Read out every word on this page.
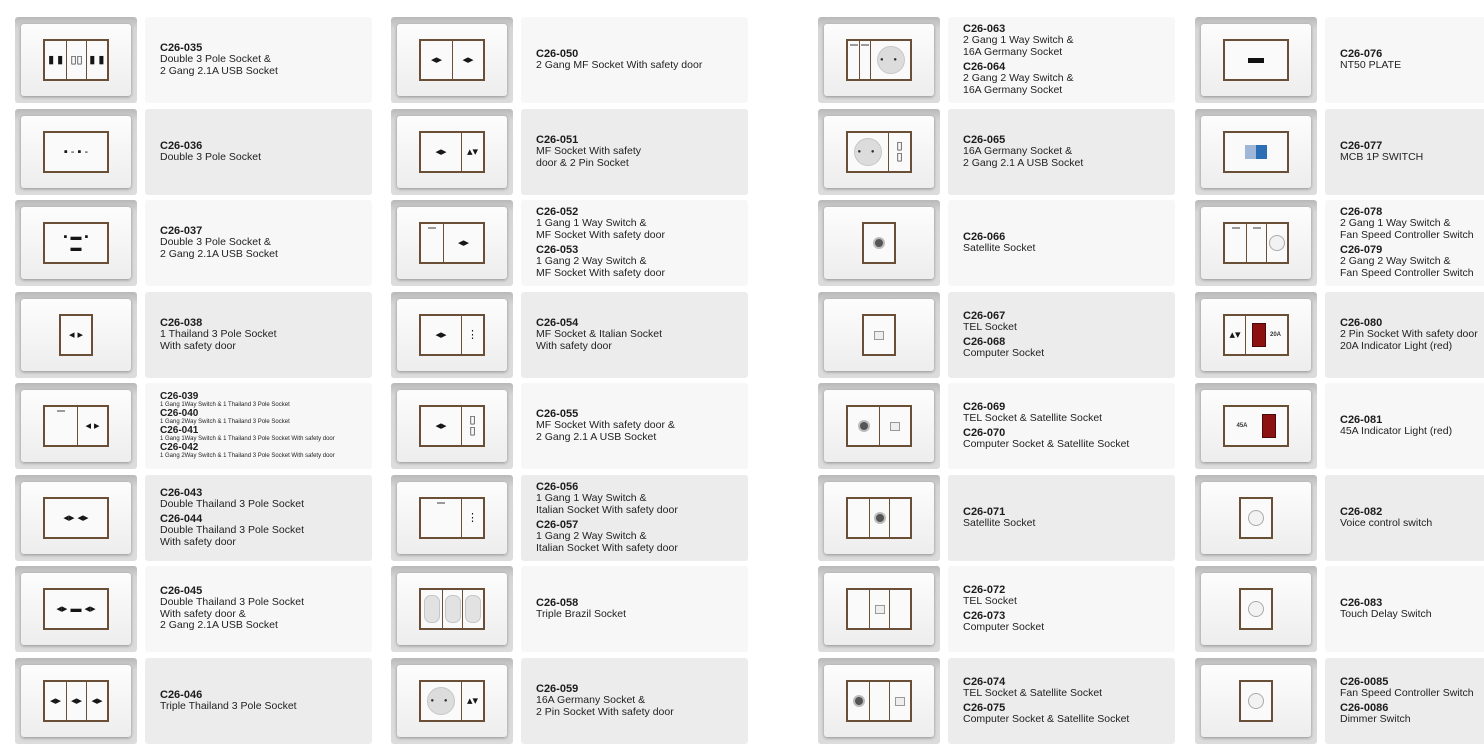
▮ ▮ ▯▯ ▮ ▮
C26-035
Double 3 Pole Socket &
2 Gang 2.1A USB Socket
▪ - ▪ -	C26-036
Double 3 Pole Socket
▪ ▬ ▪
▬
C26-037
Double 3 Pole Socket &
2 Gang 2.1A USB Socket
◂ ▸
C26-038
1 Thailand 3 Pole Socket
With safety door
◂ ▸
C26-039
1 Gang 1Way Switch & 1 Thailand 3 Pole Socket
C26-040
1 Gang 2Way Switch & 1 Thailand 3 Pole Socket
C26-041
1 Gang 1Way Switch & 1 Thailand 3 Pole Socket With safety door
C26-042
1 Gang 2Way Switch & 1 Thailand 3 Pole Socket With safety door
◂▸ ◂▸
C26-043
Double Thailand 3 Pole Socket
C26-044
Double Thailand 3 Pole Socket
With safety door
◂▸ ▬ ◂▸
C26-045
Double Thailand 3 Pole Socket
With safety door &
2 Gang 2.1A USB Socket
◂▸ ◂▸ ◂▸	C26-046
Triple Thailand 3 Pole Socket
◂▸ ◂▸	C26-050
2 Gang MF Socket With safety door
◂▸ ▴▾
C26-051
MF Socket With safety
door & 2 Pin Socket
◂▸
C26-052
1 Gang 1 Way Switch &
MF Socket With safety door
C26-053
1 Gang 2 Way Switch &
MF Socket With safety door
◂▸ ⋮
C26-054
MF Socket & Italian Socket
With safety door
◂▸ ▯
▯
C26-055
MF Socket With safety door &
2 Gang 2.1 A USB Socket
⋮
C26-056
1 Gang 1 Way Switch &
Italian Socket With safety door
C26-057
1 Gang 2 Way Switch &
Italian Socket With safety door
C26-058
Triple Brazil Socket
● ●	▴▾
C26-059
16A Germany Socket &
2 Pin Socket With safety door
● ●
C26-063
2 Gang 1 Way Switch &
16A Germany Socket
C26-064
2 Gang 2 Way Switch &
16A Germany Socket
● ●	▯
▯
C26-065
16A Germany Socket &
2 Gang 2.1 A USB Socket
C26-066
Satellite Socket
C26-067
TEL Socket
C26-068
Computer Socket
C26-069
TEL Socket & Satellite Socket
C26-070
Computer Socket & Satellite Socket
C26-071
Satellite Socket
C26-072
TEL Socket
C26-073
Computer Socket
C26-074
TEL Socket & Satellite Socket
C26-075
Computer Socket & Satellite Socket
C26-076
NT50 PLATE
C26-077
MCB 1P SWITCH
C26-078
2 Gang 1 Way Switch &
Fan Speed Controller Switch
C26-079
2 Gang 2 Way Switch &
Fan Speed Controller Switch
▴▾	20A
C26-080
2 Pin Socket With safety door
20A Indicator Light (red)
45A
C26-081
45A Indicator Light (red)
C26-082
Voice control switch
C26-083
Touch Delay Switch
C26-0085
Fan Speed Controller Switch
C26-0086
Dimmer Switch
